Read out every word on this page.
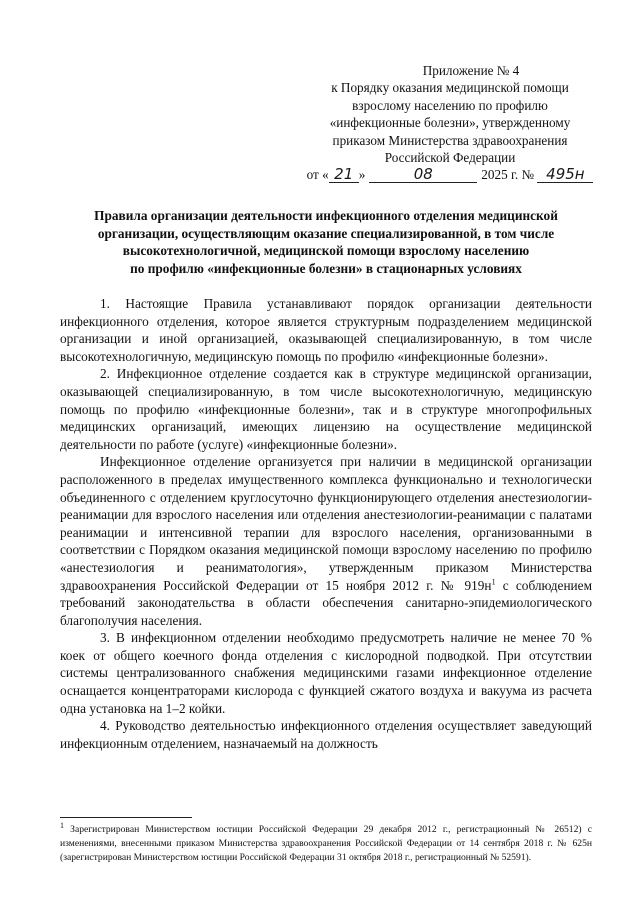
Приложение № 4
к Порядку оказания медицинской помощи
взрослому населению по профилю
«инфекционные болезни», утвержденному
приказом Министерства здравоохранения
Российской Федерации
от « 21 »	08	2025 г. № 495н
Правила организации деятельности инфекционного отделения медицинской
организации, осуществляющим оказание специализированной, в том числе
высокотехнологичной, медицинской помощи взрослому населению
по профилю «инфекционные болезни» в стационарных условиях

1. Настоящие Правила устанавливают порядок организации деятельности инфекционного отделения, которое является структурным подразделением медицинской организации и иной организацией, оказывающей специализированную, в том числе высокотехнологичную, медицинскую помощь по профилю «инфекционные болезни».

2. Инфекционное отделение создается как в структуре медицинской организации, оказывающей специализированную, в том числе высокотехнологичную, медицинскую помощь по профилю «инфекционные болезни», так и в структуре многопрофильных медицинских организаций, имеющих лицензию на осуществление медицинской деятельности по работе (услуге) «инфекционные болезни».

Инфекционное отделение организуется при наличии в медицинской организации расположенного в пределах имущественного комплекса функционально и технологически объединенного с отделением круглосуточно функционирующего отделения анестезиологии-реанимации для взрослого населения или отделения анестезиологии-реанимации с палатами реанимации и интенсивной терапии для взрослого населения, организованными в соответствии с Порядком оказания медицинской помощи взрослому населению по профилю «анестезиология и реаниматология», утвержденным приказом Министерства здравоохранения Российской Федерации от 15 ноября 2012 г. № $919н^1$ с соблюдением требований законодательства в области обеспечения санитарно-эпидемиологического благополучия населения.

3. В инфекционном отделении необходимо предусмотреть наличие не менее 70 % коек от общего коечного фонда отделения с кислородной подводкой. При отсутствии системы централизованного снабжения медицинскими газами инфекционное отделение оснащается концентраторами кислорода с функцией сжатого воздуха и вакуума из расчета одна установка на 1–2 койки.

4. Руководство деятельностью инфекционного отделения осуществляет заведующий инфекционным отделением, назначаемый на должность

$^1$ Зарегистрирован Министерством юстиции Российской Федерации 29 декабря 2012 г., регистрационный № 26512) с изменениями, внесенными приказом Министерства здравоохранения Российской Федерации от 14 сентября 2018 г. № 625н (зарегистрирован Министерством юстиции Российской Федерации 31 октября 2018 г., регистрационный № 52591).
